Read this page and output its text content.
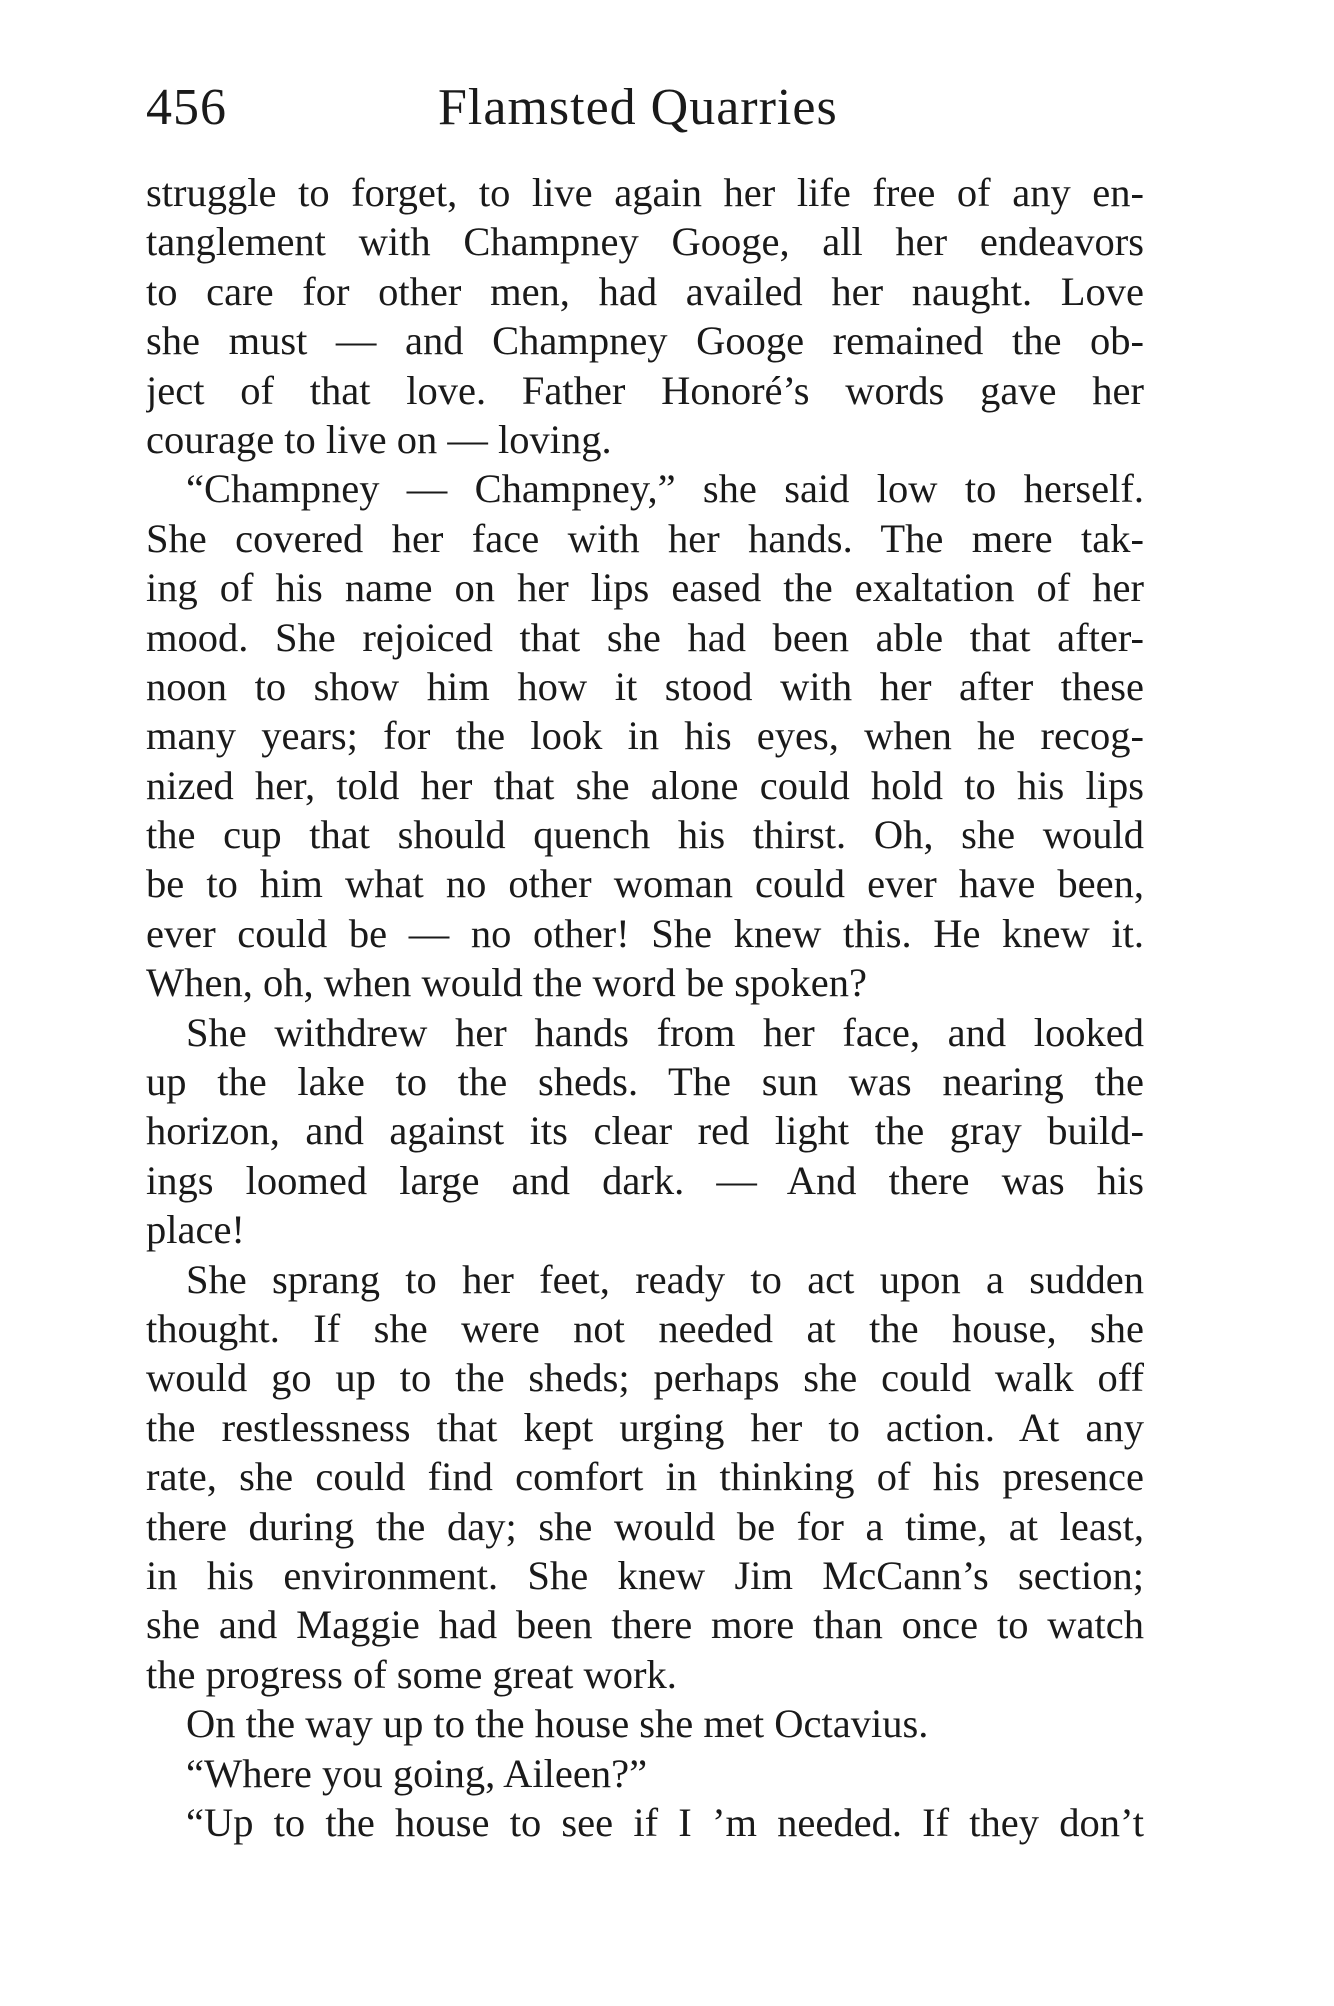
456	Flamsted Quarries
struggle to forget, to live again her life free of any en-
tanglement with Champney Googe, all her endeavors
to care for other men, had availed her naught. Love
she must — and Champney Googe remained the ob-
ject of that love. Father Honoré’s words gave her
courage to live on — loving.
“Champney — Champney,” she said low to herself.
She covered her face with her hands. The mere tak-
ing of his name on her lips eased the exaltation of her
mood. She rejoiced that she had been able that after-
noon to show him how it stood with her after these
many years; for the look in his eyes, when he recog-
nized her, told her that she alone could hold to his lips
the cup that should quench his thirst. Oh, she would
be to him what no other woman could ever have been,
ever could be — no other! She knew this. He knew it.
When, oh, when would the word be spoken?
She withdrew her hands from her face, and looked
up the lake to the sheds. The sun was nearing the
horizon, and against its clear red light the gray build-
ings loomed large and dark. — And there was his
place!
She sprang to her feet, ready to act upon a sudden
thought. If she were not needed at the house, she
would go up to the sheds; perhaps she could walk off
the restlessness that kept urging her to action. At any
rate, she could find comfort in thinking of his presence
there during the day; she would be for a time, at least,
in his environment. She knew Jim McCann’s section;
she and Maggie had been there more than once to watch
the progress of some great work.
On the way up to the house she met Octavius.
“Where you going, Aileen?”
“Up to the house to see if I ’m needed. If they don’t
